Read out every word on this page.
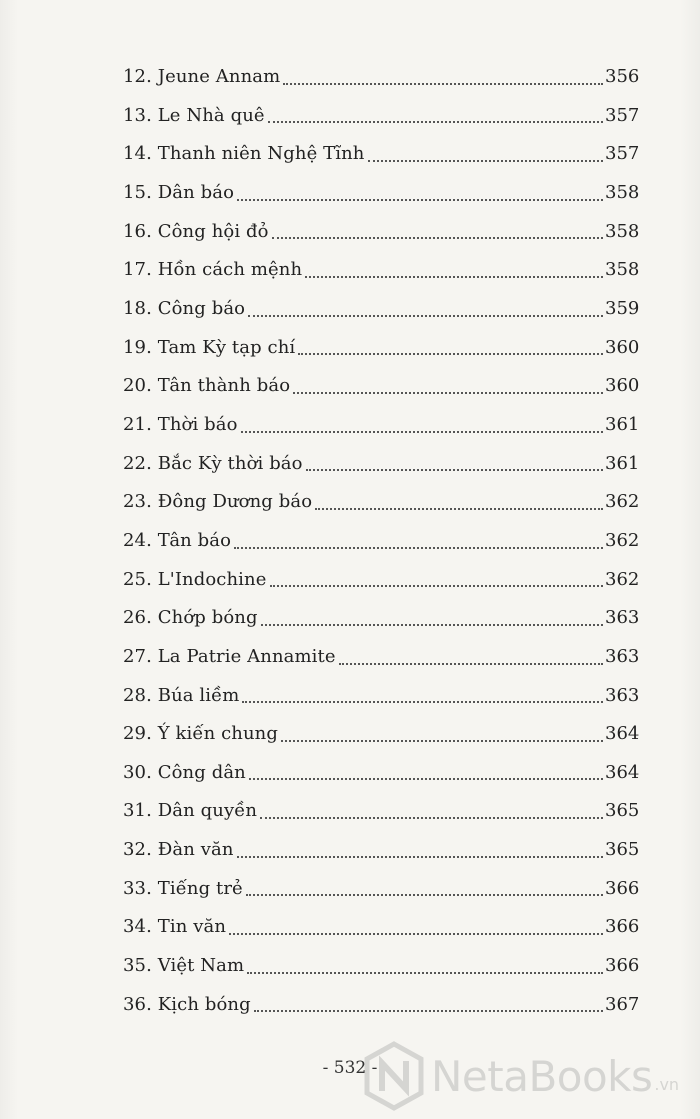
12. Jeune Annam	356
13. Le Nhà quê	357
14. Thanh niên Nghệ Tĩnh	357
15. Dân báo	358
16. Công hội đỏ	358
17. Hồn cách mệnh	358
18. Công báo	359
19. Tam Kỳ tạp chí	360
20. Tân thành báo	360
21. Thời báo	361
22. Bắc Kỳ thời báo	361
23. Đông Dương báo	362
24. Tân báo	362
25. L'Indochine	362
26. Chớp bóng	363
27. La Patrie Annamite	363
28. Búa liềm	363
29. Ý kiến chung	364
30. Công dân	364
31. Dân quyền	365
32. Đàn văn	365
33. Tiếng trẻ	366
34. Tin văn	366
35. Việt Nam	366
36. Kịch bóng	367
- 532 -	NetaBooks .vn
